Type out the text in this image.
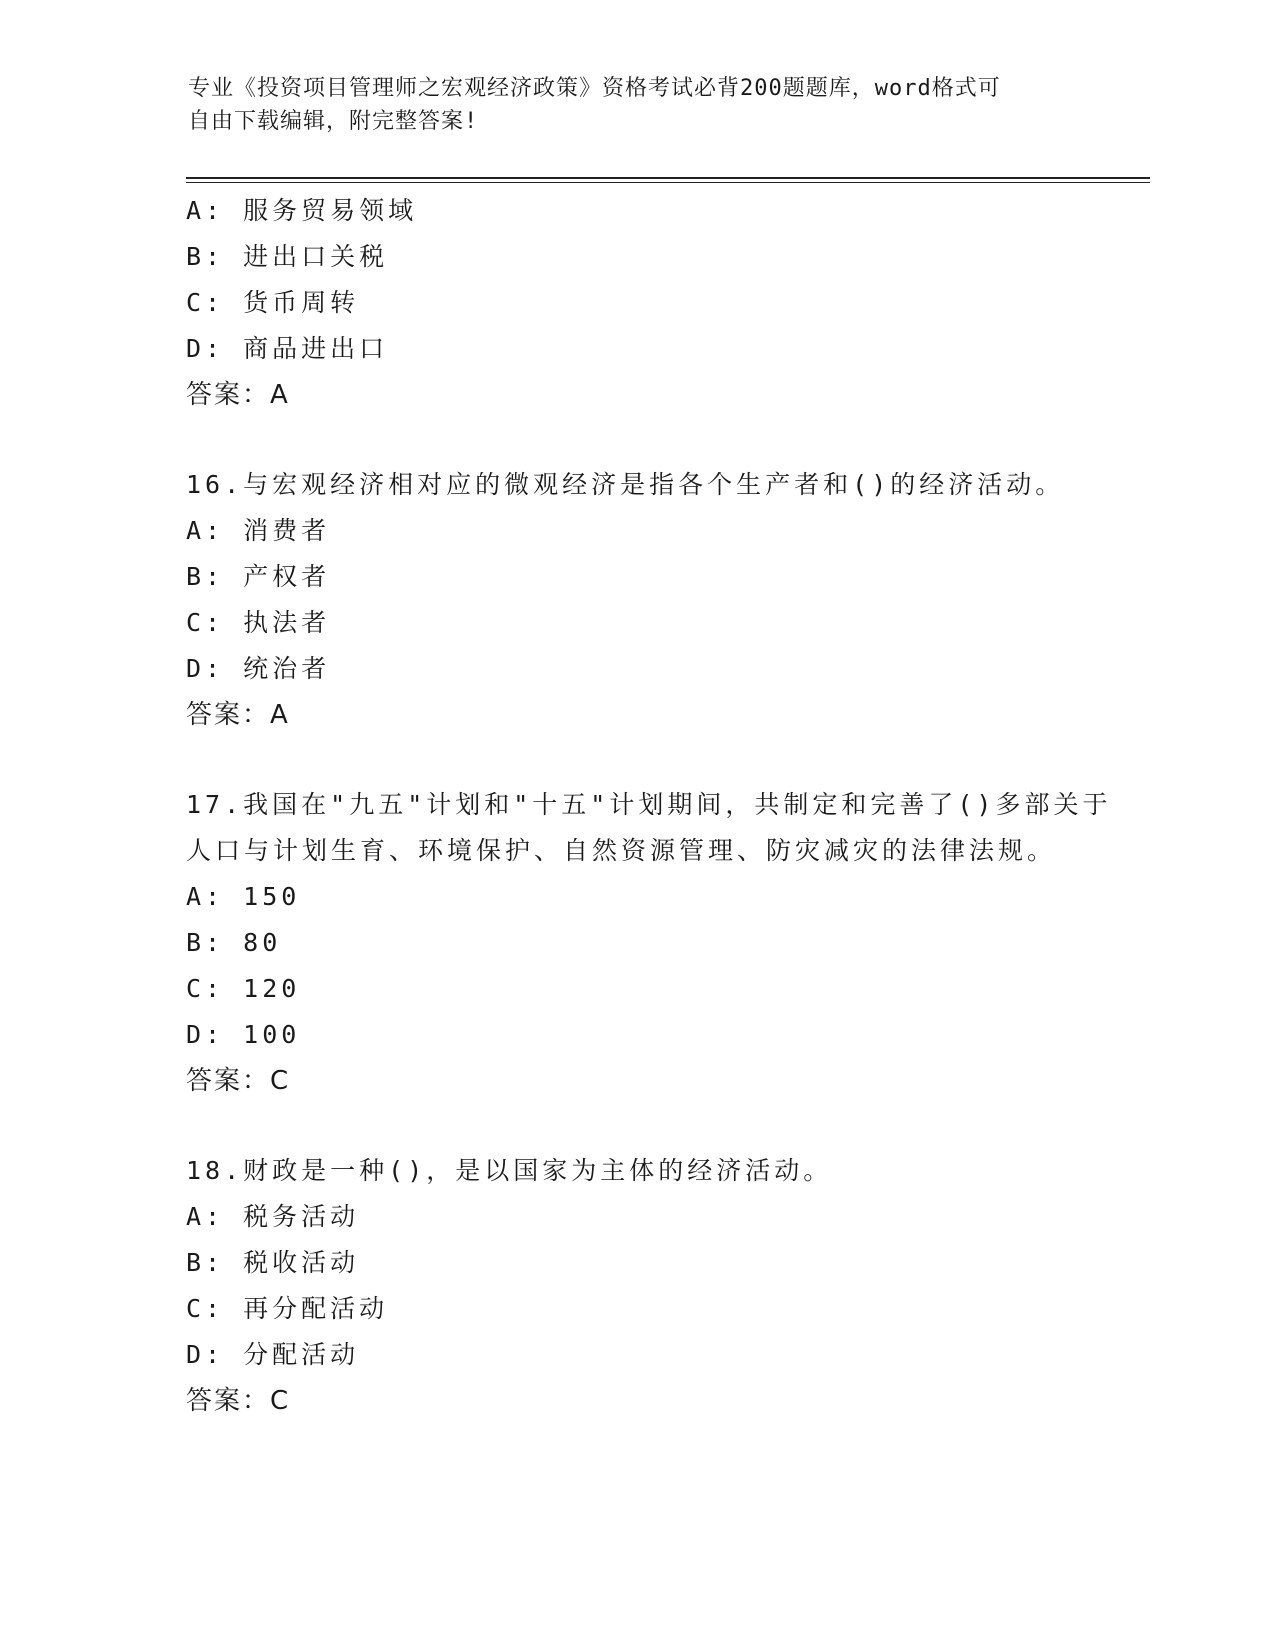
专业《投资项目管理师之宏观经济政策》资格考试必背200题题库，word格式可
自由下载编辑，附完整答案!
A: 服务贸易领域
B: 进出口关税
C: 货币周转
D: 商品进出口
答案：A
16.与宏观经济相对应的微观经济是指各个生产者和()的经济活动。
A: 消费者
B: 产权者
C: 执法者
D: 统治者
答案：A
17.我国在"九五"计划和"十五"计划期间，共制定和完善了()多部关于
人口与计划生育、环境保护、自然资源管理、防灾减灾的法律法规。
A: 150
B: 80
C: 120
D: 100
答案：C
18.财政是一种()，是以国家为主体的经济活动。
A: 税务活动
B: 税收活动
C: 再分配活动
D: 分配活动
答案：C
